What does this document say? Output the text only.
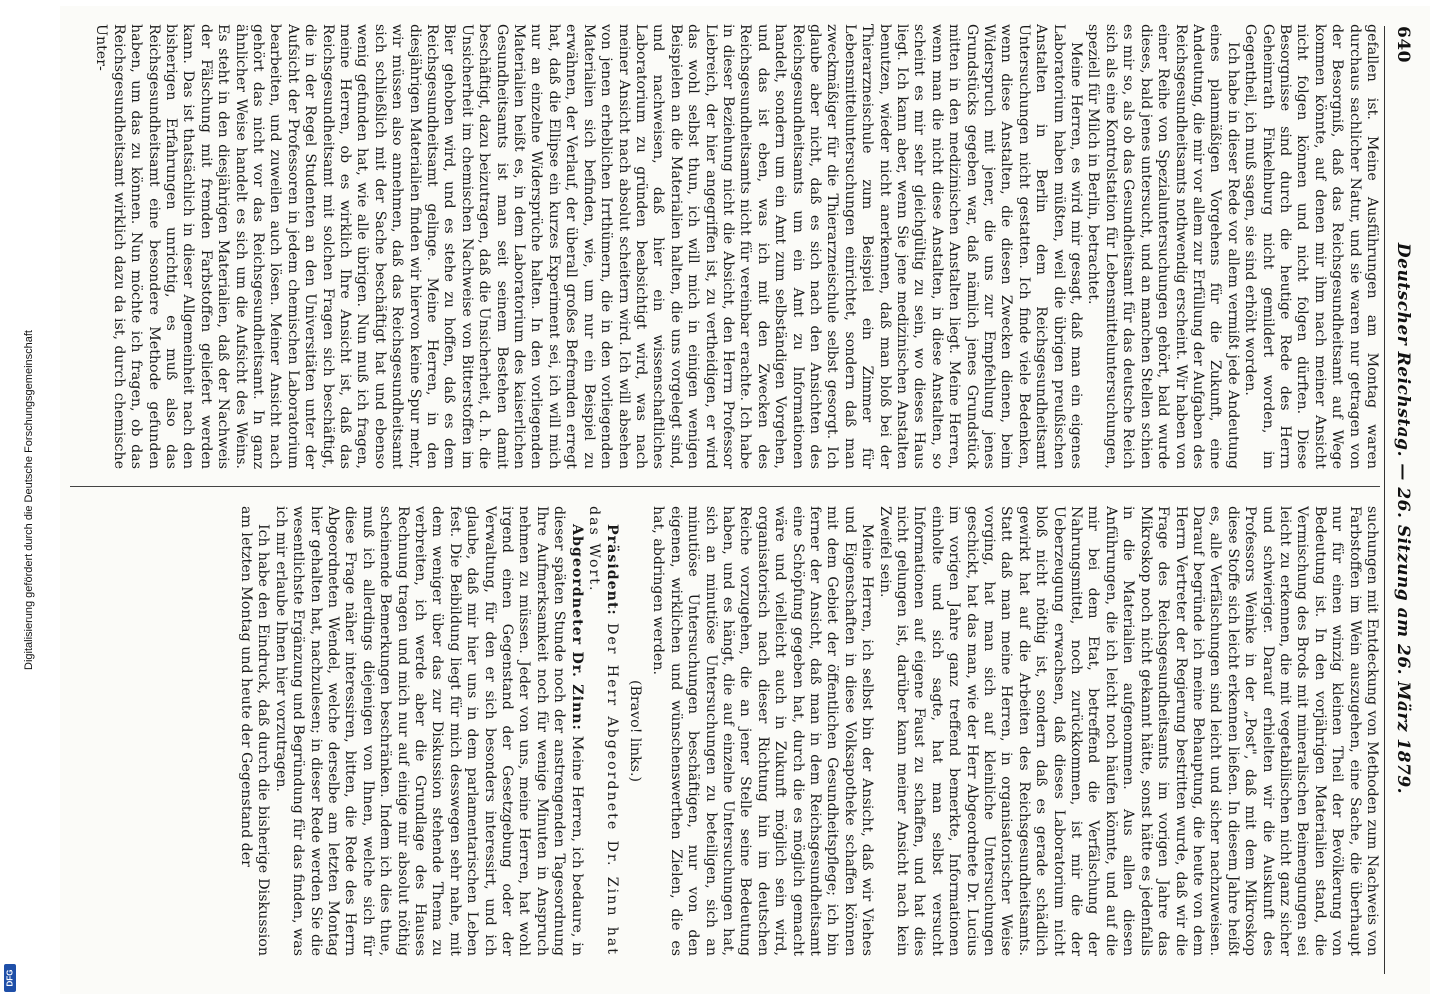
Digitalisierung gefördert durch die Deutsche Forschungsgemeinschaft
DFG
640
Deutscher Reichstag. — 26. Sitzung am 26. März 1879.

gefallen ist. Meine Ausführungen am Montag waren durchaus sachlicher Natur, und sie waren nur getragen von der Besorgniß, daß das Reichsgesundheitsamt auf Wege kommen könnte, auf denen mir ihm nach meiner Ansicht nicht folgen können und nicht folgen dürften. Diese Besorgnisse sind durch die heutige Rede des Herrn Geheimrath Finkelnburg nicht gemildert worden, im Gegentheil, ich muß sagen, sie sind erhöht worden.

Ich habe in dieser Rede vor allem vermißt jede Andeutung eines planmäßigen Vorgehens für die Zukunft, eine Andeutung, die mir vor allem zur Erfüllung der Aufgaben des Reichsgesundheitsamts nothwendig erscheint. Wir haben von einer Reihe von Spezialuntersuchungen gehört, bald wurde dieses, bald jenes untersucht, und an manchen Stellen schien es mir so, als ob das Gesundheitsamt für das deutsche Reich sich als eine Kontrolstation für Lebensmitteluntersuchungen, speziell für Milch in Berlin, betrachtet.

Meine Herren, es wird mir gesagt, daß man ein eigenes Laboratorium haben müßten, weil die übrigen preußischen Anstalten in Berlin dem Reichsgesundheitsamt Untersuchungen nicht gestatten. Ich finde viele Bedenken, wenn diese Anstalten, die diesen Zwecken dienen, beim Widerspruch mit jener, die uns zur Empfehlung jenes Grundstücks gegeben war, daß nämlich jenes Grundstück mitten in den medizinischen Anstalten liegt. Meine Herren, wenn man die nicht diese Anstalten, in diese Anstalten, so scheint es mir sehr gleichgültig zu sein, wo dieses Haus liegt. Ich kann aber, wenn Sie jene medizinischen Anstalten benutzen, wieder nicht anerkennen, daß man bloß bei der Thierarzneischule zum Beispiel ein Zimmer für Lebensmitteluntersuchungen einrichtet, sondern daß man zweckmäßiger für die Thierarzneischule selbst gesorgt. Ich glaube aber nicht, daß es sich nach den Ansichten des Reichsgesundheitsamts um ein Amt zu Informationen handelt, sondern um ein Amt zum selbständigen Vorgehen, und das ist eben, was ich mit den Zwecken des Reichsgesundheitsamts nicht für vereinbar erachte. Ich habe in dieser Beziehung nicht die Absicht, den Herrn Professor Liebreich, der hier angegriffen ist, zu vertheidigen, er wird das wohl selbst thun, ich will mich in einigen wenigen Beispielen an die Materialien halten, die uns vorgelegt sind, und nachweisen, daß hier ein wissenschaftliches Laboratorium zu gründen beabsichtigt wird, was nach meiner Ansicht nach absolut scheitern wird. Ich will absehen von jenen erheblichen Irrthümern, die in den vorliegenden Materialien sich befinden, wie, um nur ein Beispiel zu erwähnen, der Verlauf, der überall großes Befremden erregt hat, daß die Ellipse ein kurzes Experiment sei, ich will mich nur an einzelne Widersprüche halten. In den vorliegenden Materialien heißt es, in dem Laboratorium des kaiserlichen Gesundheitsamts ist man seit seinem Bestehen damit beschäftigt, dazu beizutragen, daß die Unsicherheit, d. h. die Unsicherheit im chemischen Nachweise von Bitterstoffen im Bier gehoben wird, und es stehe zu hoffen, daß es dem Reichsgesundheitsamt gelinge. Meine Herren, in den diesjährigen Materialien finden wir hiervon keine Spur mehr, wir müssen also annehmen, daß das Reichsgesundheitsamt sich schließlich mit der Sache beschäftigt hat und ebenso wenig gefunden hat, wie alle übrigen. Nun muß ich fragen, meine Herren, ob es wirklich Ihre Ansicht ist, daß das Reichsgesundheitsamt mit solchen Fragen sich beschäftigt, die in der Regel Studenten an den Universitäten unter der Aufsicht der Professoren in jedem chemischen Laboratorium bearbeiten, und zuweilen auch lösen. Meiner Ansicht nach gehört das nicht vor das Reichsgesundheitsamt. In ganz ähnlicher Weise handelt es sich um die Aufsicht des Weins. Es steht in den diesjährigen Materialien, daß der Nachweis der Fälschung mit fremden Farbstoffen geliefert werden kann. Das ist thatsächlich in dieser Allgemeinheit nach den bisherigen Erfahrungen unrichtig, es muß also das Reichsgesundheitsamt eine besondere Methode gefunden haben, um das zu können. Nun möchte ich fragen, ob das Reichsgesundheitsamt wirklich dazu da ist, durch chemische Unter-

suchungen mit Entdeckung von Methoden zum Nachweis von Farbstoffen im Wein auszugehen, eine Sache, die überhaupt nur für einen winzig kleinen Theil der Bevölkerung von Bedeutung ist. In den vorjährigen Materialien stand, die Vermischung des Brods mit mineralischen Beimengungen sei leicht zu erkennen, die mit vegetabilischen nicht ganz sicher und schwieriger. Darauf erhielten wir die Auskunft des Professors Weinke in der „Post", daß mit dem Mikroskop diese Stoffe sich leicht erkennen ließen. In diesem Jahre heißt es, alle Verfälschungen sind leicht und sicher nachzuweisen. Darauf begründe ich meine Behauptung, die heute von dem Herrn Vertreter der Regierung bestritten wurde, daß wir die Frage des Reichsgesundheitsamts im vorigen Jahre das Mikroskop noch nicht gekannt hätte, sonst hätte es jedenfalls in die Materialien aufgenommen. Aus allen diesen Anführungen, die ich leicht noch häufen könnte, und auf die mir bei dem Etat, betreffend die Verfälschung der Nahrungsmittel, noch zurückkommen, ist mir die der Ueberzeugung erwachsen, daß dieses Laboratorium nicht bloß nicht nöthig ist, sondern daß es gerade schädlich gewirkt hat auf die Arbeiten des Reichsgesundheitsamts. Statt daß man meine Herren, in organisatorischer Weise vorging, hat man sich auf kleinliche Untersuchungen geschickt, hat das man, wie der Herr Abgeordnete Dr. Lucius im vorigen Jahre ganz treffend bemerkte, Informationen einholte und sich sagte, hat man selbst versucht Informationen auf eigene Faust zu schaffen, und hat dies nicht gelungen ist, darüber kann meiner Ansicht nach kein Zweifel sein.

Meine Herren, ich selbst bin der Ansicht, daß wir Viehes und Eigenschaften in diese Volksapotheke schaffen können mit dem Gebiet der öffentlichen Gesundheitspflege; ich bin ferner der Ansicht, daß man in dem Reichsgesundheitsamt eine Schöpfung gegeben hat, durch die es möglich gemacht wäre und vielleicht auch in Zukunft möglich sein wird, organisatorisch nach dieser Richtung hin im deutschen Reiche vorzugehen, die an jener Stelle seine Bedeutung haben, und es hängt, die auf einzelne Untersuchungen hat, sich an minutiöse Untersuchungen zu beteiligen, sich an minutiöse Untersuchungen beschäftigen, nur von den eigenen, wirklichen und wünschenswerthen Zielen, die es hat, abdringen werden.

(Bravo! links.)

Präsident: Der Herr Abgeordnete Dr. Zinn hat das Wort.

Abgeordneter Dr. Zinn: Meine Herren, ich bedaure, in dieser späten Stunde noch der anstrengenden Tagesordnung Ihre Aufmerksamkeit noch für wenige Minuten in Anspruch nehmen zu müssen. Jeder von uns, meine Herren, hat wohl irgend einen Gegenstand der Gesetzgebung oder der Verwaltung, für den er sich besonders interessirt, und ich glaube, daß mir hier uns in dem parlamentarischen Leben fest. Die Beibildung liegt für mich desswegen sehr nahe, mit dem weniger über das zur Diskussion stehende Thema zu verbreiten, ich werde aber die Grundlage des Hauses Rechnung tragen und mich nur auf einige mir absolut nöthig scheinende Bemerkungen beschränken. Indem ich dies thue, muß ich allerdings diejenigen von Ihnen, welche sich für diese Frage näher interessiren, bitten, die Rede des Herrn Abgeordneten Wendel, welche derselbe am letzten Montag hier gehalten hat, nachzulesen; in dieser Rede werden Sie die wesentlichste Ergänzung und Begründung für das finden, was ich mir erlaube Ihnen hier vorzutragen.

Ich habe den Eindruck, daß durch die bisherige Diskussion am letzten Montag und heute der Gegenstand der
